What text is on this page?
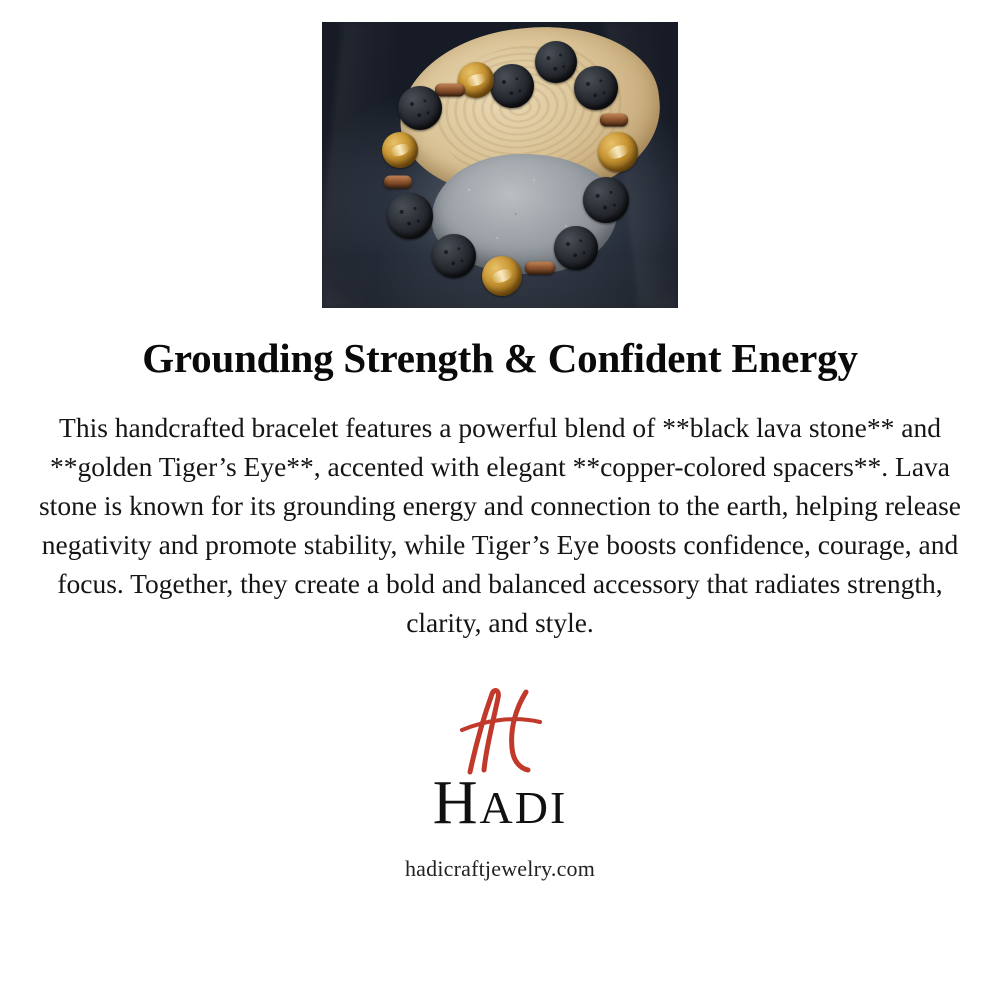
Grounding Strength & Confident Energy

This handcrafted bracelet features a powerful blend of **black lava stone** and **golden Tiger’s Eye**, accented with elegant **copper-colored spacers**. Lava stone is known for its grounding energy and connection to the earth, helping release negativity and promote stability, while Tiger’s Eye boosts confidence, courage, and focus. Together, they create a bold and balanced accessory that radiates strength, clarity, and style.

HADI
hadicraftjewelry.com
